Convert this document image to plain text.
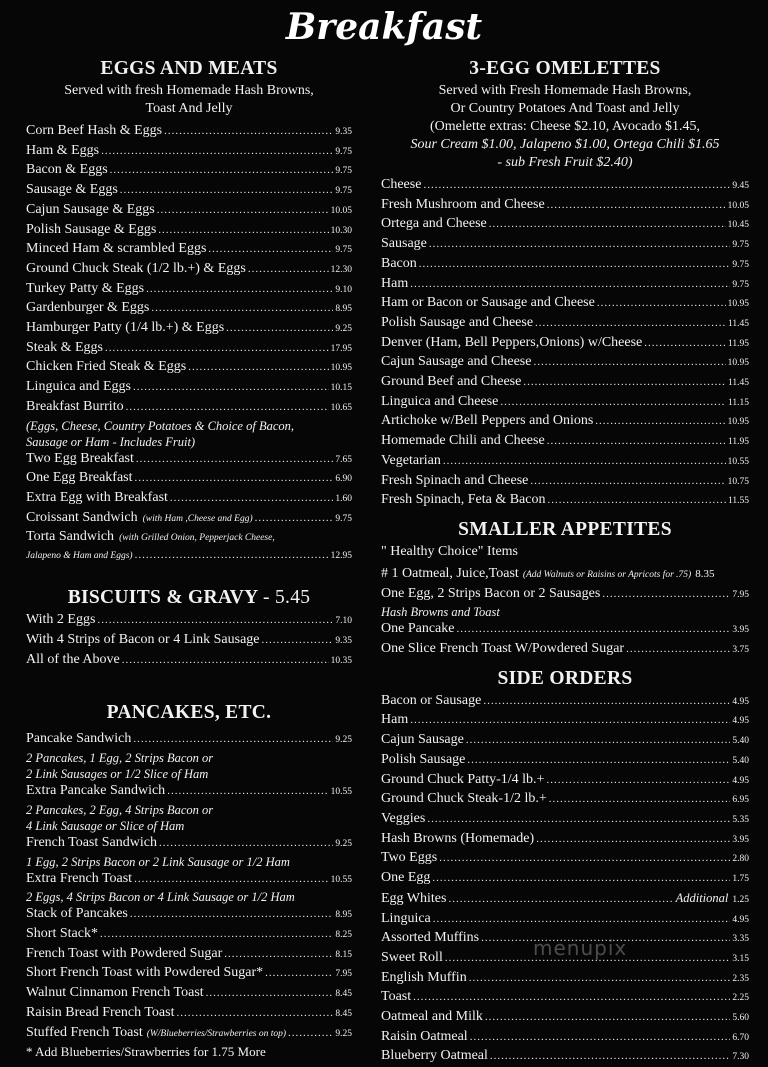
Breakfast
EGGS AND MEATS
Served with fresh Homemade Hash Browns,
Toast And Jelly
Corn Beef Hash & Eggs .....	9.35
Ham & Eggs .....	9.75
Bacon & Eggs .....	9.75
Sausage & Eggs .....	9.75
Cajun Sausage & Eggs .....	10.05
Polish Sausage & Eggs .....	10.30
Minced Ham & scrambled Eggs .....	9.75
Ground Chuck Steak (1/2 lb.+) & Eggs .....	12.30
Turkey Patty & Eggs .....	9.10
Gardenburger & Eggs .....	8.95
Hamburger Patty (1/4 lb.+) & Eggs .....	9.25
Steak & Eggs .....	17.95
Chicken Fried Steak & Eggs .....	10.95
Linguica and Eggs .....	10.15
Breakfast Burrito .....	10.65
(Eggs, Cheese, Country Potatoes & Choice of Bacon,
Sausage or Ham - Includes Fruit)
Two Egg Breakfast .....	7.65
One Egg Breakfast .....	6.90
Extra Egg with Breakfast .....	1.60
Croissant Sandwich (with Ham ,Cheese and Egg) .....	9.75
Torta Sandwich (with Grilled Onion, Pepperjack Cheese,
Jalapeno & Ham and Eggs) .....	12.95
BISCUITS & GRAVY - 5.45
With 2 Eggs .....	7.10
With 4 Strips of Bacon or 4 Link Sausage .....	9.35
All of the Above .....	10.35
PANCAKES, ETC.
Pancake Sandwich .....	9.25
2 Pancakes, 1 Egg, 2 Strips Bacon or
2 Link Sausages or 1/2 Slice of Ham
Extra Pancake Sandwich .....	10.55
2 Pancakes, 2 Egg, 4 Strips Bacon or
4 Link Sausage or Slice of Ham
French Toast Sandwich .....	9.25
1 Egg, 2 Strips Bacon or 2 Link Sausage or 1/2 Ham
Extra French Toast .....	10.55
2 Eggs, 4 Strips Bacon or 4 Link Sausage or 1/2 Ham
Stack of Pancakes .....	8.95
Short Stack* .....	8.25
French Toast with Powdered Sugar .....	8.15
Short French Toast with Powdered Sugar* .....	7.95
Walnut Cinnamon French Toast .....	8.45
Raisin Bread French Toast .....	8.45
Stuffed French Toast (W/Blueberries/Strawberries on top) .....	9.25
* Add Blueberries/Strawberries for 1.75 More
3-EGG OMELETTES
Served with Fresh Homemade Hash Browns,
Or Country Potatoes And Toast and Jelly
(Omelette extras: Cheese $2.10, Avocado $1.45,
Sour Cream $1.00, Jalapeno $1.00, Ortega Chili $1.65
- sub Fresh Fruit $2.40)
Cheese .....	9.45
Fresh Mushroom and Cheese .....	10.05
Ortega and Cheese .....	10.45
Sausage .....	9.75
Bacon .....	9.75
Ham .....	9.75
Ham or Bacon or Sausage and Cheese .....	10.95
Polish Sausage and Cheese .....	11.45
Denver (Ham, Bell Peppers,Onions) w/Cheese .....	11.95
Cajun Sausage and Cheese .....	10.95
Ground Beef and Cheese .....	11.45
Linguica and Cheese .....	11.15
Artichoke w/Bell Peppers and Onions .....	10.95
Homemade Chili and Cheese .....	11.95
Vegetarian .....	10.55
Fresh Spinach and Cheese .....	10.75
Fresh Spinach, Feta & Bacon .....	11.55
SMALLER APPETITES
" Healthy Choice" Items
# 1 Oatmeal, Juice,Toast (Add Walnuts or Raisins or Apricots for .75) 8.35
One Egg, 2 Strips Bacon or 2 Sausages .....	7.95
Hash Browns and Toast
One Pancake .....	3.95
One Slice French Toast W/Powdered Sugar .....	3.75
SIDE ORDERS
Bacon or Sausage .....	4.95
Ham .....	4.95
Cajun Sausage .....	5.40
Polish Sausage .....	5.40
Ground Chuck Patty-1/4 lb.+ .....	4.95
Ground Chuck Steak-1/2 lb.+ .....	6.95
Veggies .....	5.35
Hash Browns (Homemade) .....	3.95
Two Eggs .....	2.80
One Egg .....	1.75
Egg Whites .....	Additional 1.25
Linguica .....	4.95
Assorted Muffins .....	3.35
Sweet Roll .....	3.15
English Muffin .....	2.35
Toast .....	2.25
Oatmeal and Milk .....	5.60
Raisin Oatmeal .....	6.70
Blueberry Oatmeal .....	7.30
menupix
